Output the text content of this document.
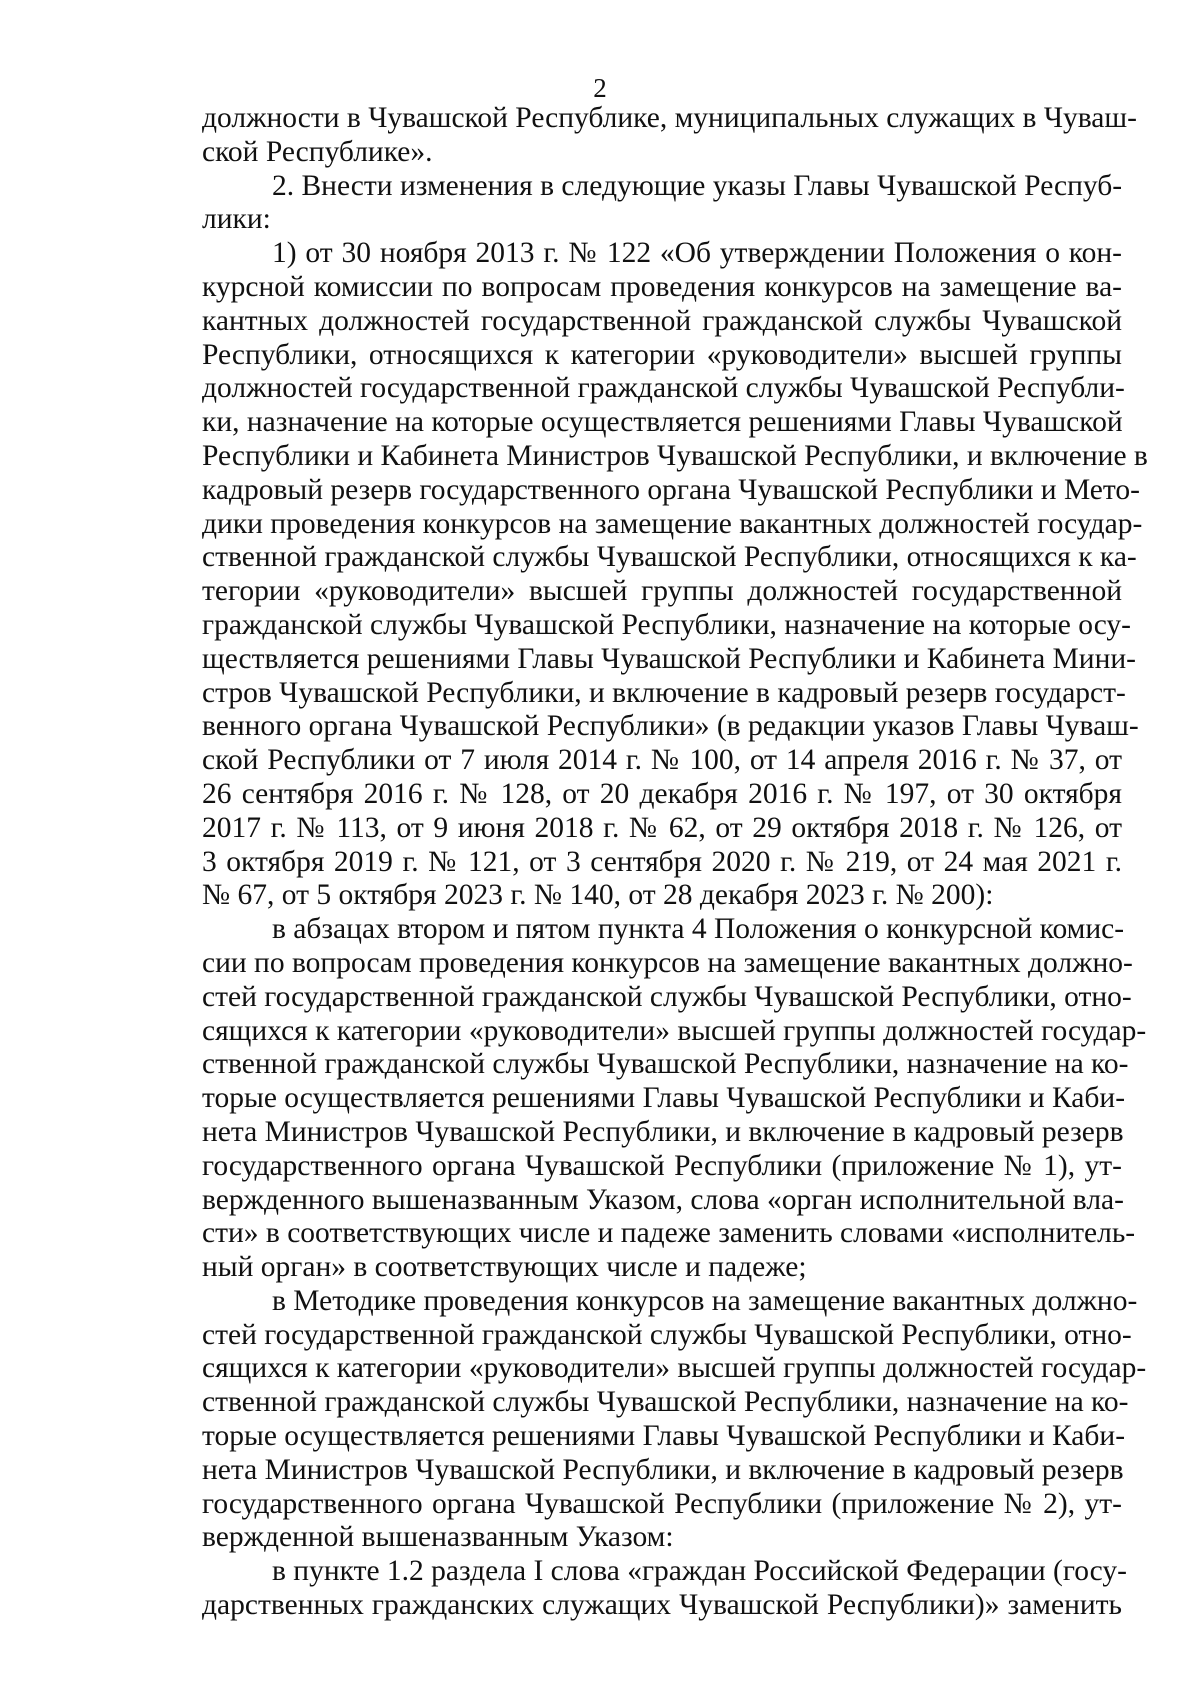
2

должности в Чувашской Республике, муниципальных служащих в Чуваш-
ской Республике».

2. Внести изменения в следующие указы Главы Чувашской Респуб-
лики:

1) от 30 ноября 2013 г. № 122 «Об утверждении Положения о кон-
курсной комиссии по вопросам проведения конкурсов на замещение ва-
кантных должностей государственной гражданской службы Чувашской
Республики, относящихся к категории «руководители» высшей группы
должностей государственной гражданской службы Чувашской Республи-
ки, назначение на которые осуществляется решениями Главы Чувашской
Республики и Кабинета Министров Чувашской Республики, и включение в
кадровый резерв государственного органа Чувашской Республики и Мето-
дики проведения конкурсов на замещение вакантных должностей государ-
ственной гражданской службы Чувашской Республики, относящихся к ка-
тегории «руководители» высшей группы должностей государственной
гражданской службы Чувашской Республики, назначение на которые осу-
ществляется решениями Главы Чувашской Республики и Кабинета Мини-
стров Чувашской Республики, и включение в кадровый резерв государст-
венного органа Чувашской Республики» (в редакции указов Главы Чуваш-
ской Республики от 7 июля 2014 г. № 100, от 14 апреля 2016 г. № 37, от
26 сентября 2016 г. № 128, от 20 декабря 2016 г. № 197, от 30 октября
2017 г. № 113, от 9 июня 2018 г. № 62, от 29 октября 2018 г. № 126, от
3 октября 2019 г. № 121, от 3 сентября 2020 г. № 219, от 24 мая 2021 г.
№ 67, от 5 октября 2023 г. № 140, от 28 декабря 2023 г. № 200):

в абзацах втором и пятом пункта 4 Положения о конкурсной комис-
сии по вопросам проведения конкурсов на замещение вакантных должно-
стей государственной гражданской службы Чувашской Республики, отно-
сящихся к категории «руководители» высшей группы должностей государ-
ственной гражданской службы Чувашской Республики, назначение на ко-
торые осуществляется решениями Главы Чувашской Республики и Каби-
нета Министров Чувашской Республики, и включение в кадровый резерв
государственного органа Чувашской Республики (приложение № 1), ут-
вержденного вышеназванным Указом, слова «орган исполнительной вла-
сти» в соответствующих числе и падеже заменить словами «исполнитель-
ный орган» в соответствующих числе и падеже;

в Методике проведения конкурсов на замещение вакантных должно-
стей государственной гражданской службы Чувашской Республики, отно-
сящихся к категории «руководители» высшей группы должностей государ-
ственной гражданской службы Чувашской Республики, назначение на ко-
торые осуществляется решениями Главы Чувашской Республики и Каби-
нета Министров Чувашской Республики, и включение в кадровый резерв
государственного органа Чувашской Республики (приложение № 2), ут-
вержденной вышеназванным Указом:

в пункте 1.2 раздела I слова «граждан Российской Федерации (госу-
дарственных гражданских служащих Чувашской Республики)» заменить
